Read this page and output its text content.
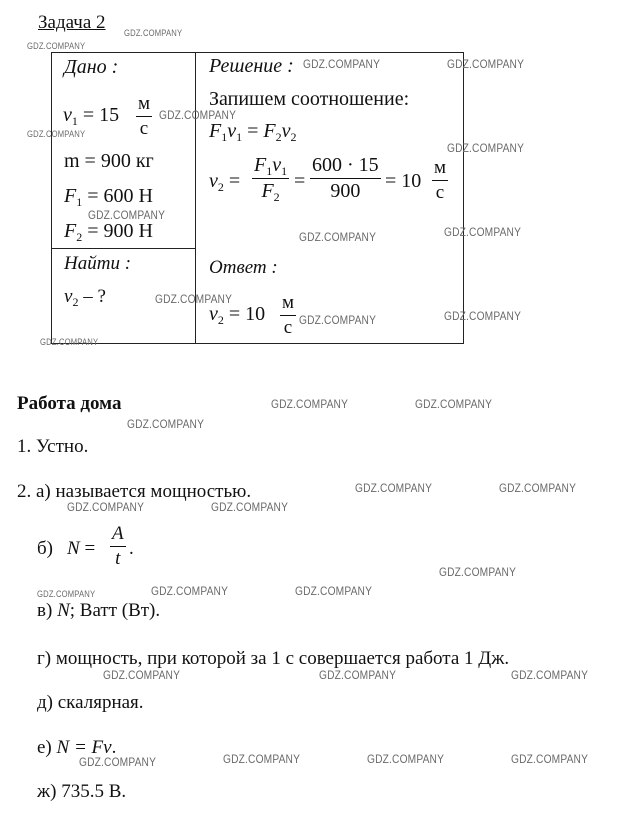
Задача 2
Дано :
$v_1 = 15$
м
с
m = 900 кг
$F_1 = 600$ Н
$F_2 = 900$ Н
Найти :
$v_2$ – ?
Решение :
Запишем соотношение:
$F_1v_1 = F_2v_2$
$v_2$ =
$F_1v_1$
$F_2$
=
600 · 15
900 = 10
м
с
Ответ :
$v_2 = 10$
м
с
Работа дома
1. Устно.
2. а) называется мощностью.
б) N =
A
t .
в) N; Ватт (Вт).
г) мощность, при которой за 1 с совершается работа 1 Дж.
д) скалярная.
е) N = Fv.
ж) 735.5 В.
GDZ.COMPANY
GDZ.COMPANY
GDZ.COMPANY	GDZ.COMPANY
GDZ.COMPANY
GDZ.COMPANY
GDZ.COMPANY
GDZ.COMPANY
GDZ.COMPANY	GDZ.COMPANY
GDZ.COMPANY
GDZ.COMPANY	GDZ.COMPANY
GDZ.COMPANY
GDZ.COMPANY	GDZ.COMPANY
GDZ.COMPANY
GDZ.COMPANY	GDZ.COMPANY
GDZ.COMPANY	GDZ.COMPANY
GDZ.COMPANY
GDZ.COMPANY	GDZ.COMPANY	GDZ.COMPANY
GDZ.COMPANY	GDZ.COMPANY	GDZ.COMPANY
GDZ.COMPANY	GDZ.COMPANY	GDZ.COMPANY	GDZ.COMPANY
